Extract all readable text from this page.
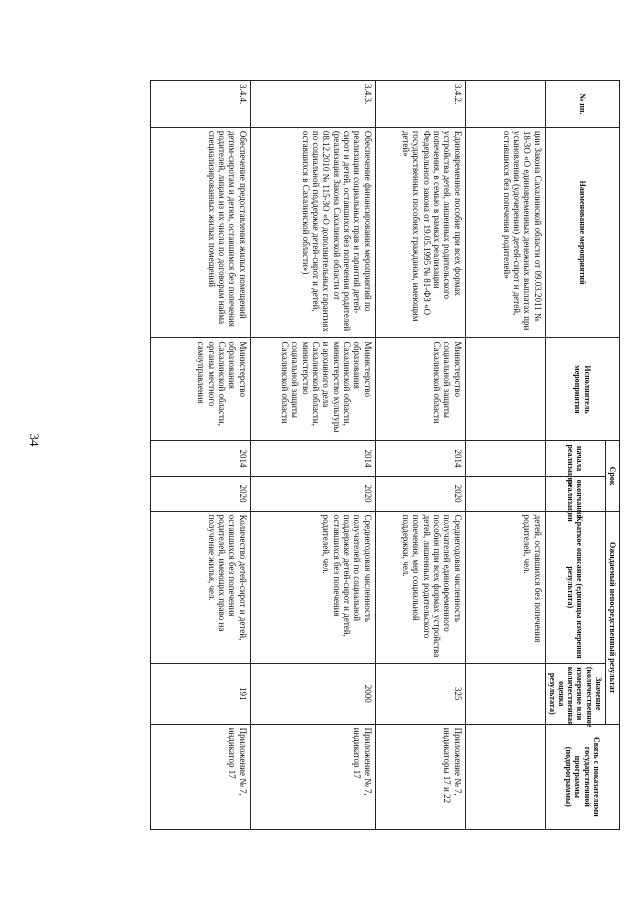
34
№ пп.	Наименование мероприятий	Исполнитель мероприятия	Срок		Ожидаемый непосредственный результат		Связь с показателями государственной программы (подпрограммы)
			начала реализации	окончания реализации	Краткое описание (единицы измерения результата)	Значение (количественное измерение или количественная оценка результата)	
	ции Закона Сахалинской области от 09.03.2011 № 18-ЗО «О единовременных денежных выплатах при усыновлении (удочерении) детей-сирот и детей, оставшихся без попечения родителей»				детей, оставшихся без попечения родителей, чел.		
3.4.2.	Единовременное пособие при всех формах устройства детей, лишенных родительского попечения, в семью в рамках реализации Федерального закона от 19.05.1995 № 81-ФЗ «О государственных пособиях гражданам, имеющим детей»	Министерство социальной защиты Сахалинской области	2014	2020	Среднегодовая численность получателей единовременного пособия при всех формах устройства детей, лишенных родительского попечения, мер социальной поддержки, чел.	325	Приложение № 7, индикаторы 17 и 22
3.4.3.	Обеспечение финансирования мероприятий по реализации социальных прав и гарантий детей-сирот и детей, оставшихся без попечения родителей (реализация Закона Сахалинской области от 08.12.2010 № 115-ЗО «О дополнительных гарантиях по социальной поддержке детей-сирот и детей, оставшихся в Сахалинской области»)	Министерство образования Сахалинской области, министерство культуры и архивного дела Сахалинской области, министерство социальной защиты Сахалинской области	2014	2020	Среднегодовая численность получателей по социальной поддержке детей-сирот и детей, оставшихся без попечения родителей, чел.	2000	Приложение № 7, индикатор 17
3.4.4.	Обеспечение предоставления жилых помещений детям-сиротам и детям, оставшимся без попечения родителей, лицам из их числа по договорам найма специализированных жилых помещений	Министерство образования Сахалинской области, органы местного самоуправления	2014	2020	Количество детей-сирот и детей, оставшихся без попечения родителей, имеющих право на получение жилья, чел.	191	Приложение № 7, индикатор 17
